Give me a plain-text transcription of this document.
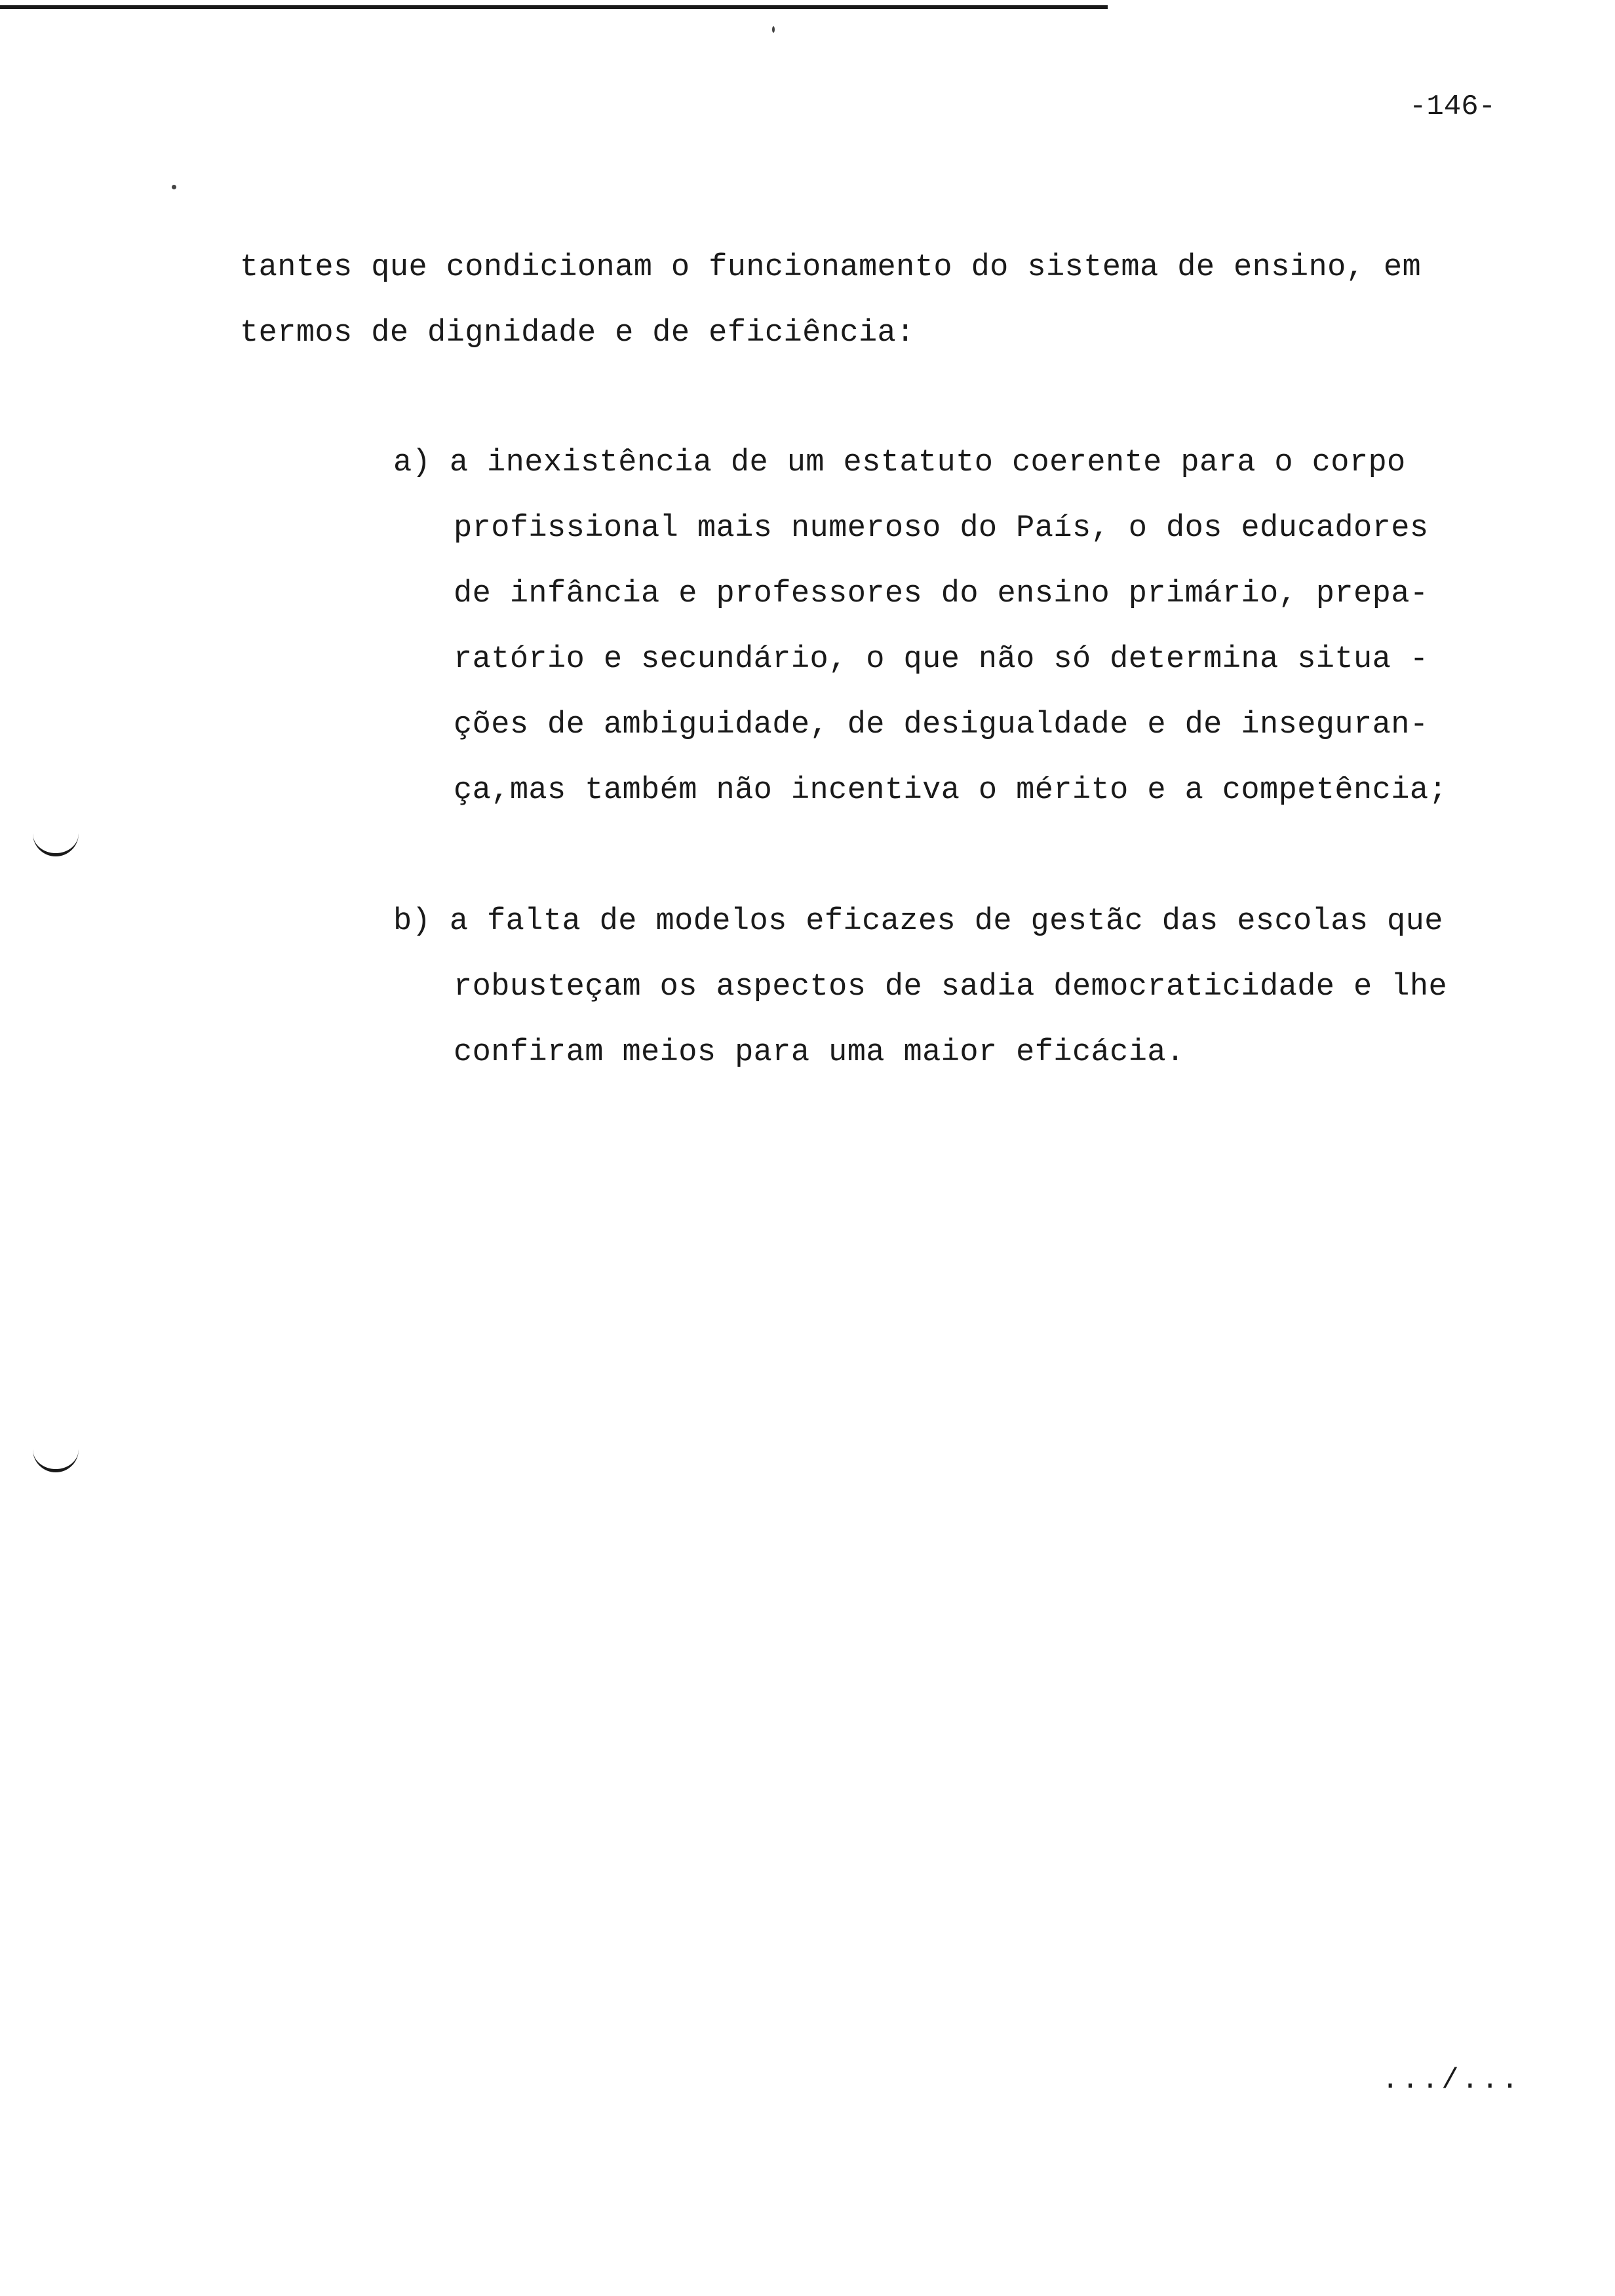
-146-
tantes que condicionam o funcionamento do sistema de ensino, em
termos de dignidade e de eficiência:
a) a inexistência de um estatuto coerente para o corpo
profissional mais numeroso do País, o dos educadores
de infância e professores do ensino primário, prepa-
ratório e secundário, o que não só determina situa -
ções de ambiguidade, de desigualdade e de inseguran-
ça,mas também não incentiva o mérito e a competência;
b) a falta de modelos eficazes de gestãc das escolas que
robusteçam os aspectos de sadia democraticidade e lhe
confiram meios para uma maior eficácia.
.../...
